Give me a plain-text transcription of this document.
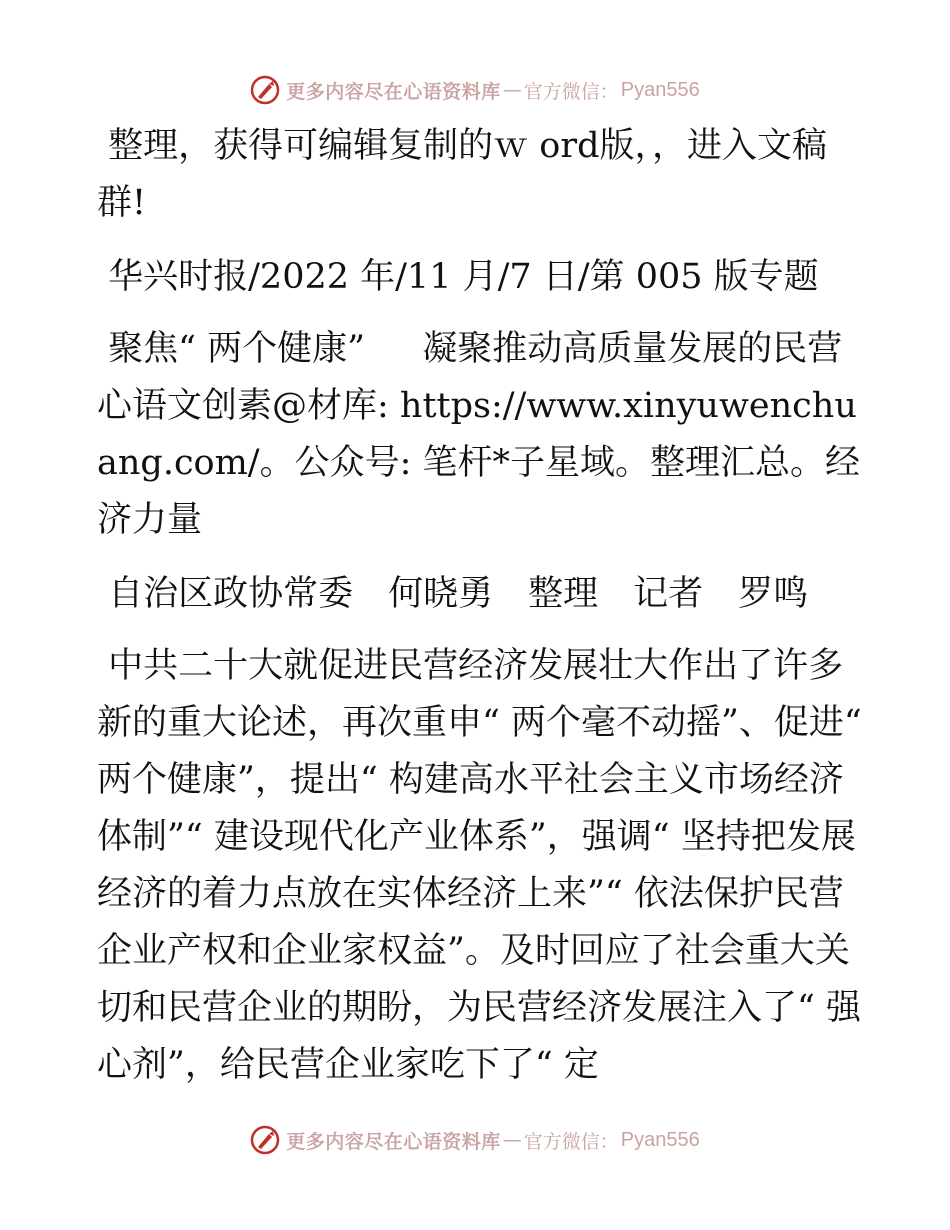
更多内容尽在心语资料库 — 官方微信： Pyan556

整理，获得可编辑复制的ｗ ord版，，进入文稿群!

华兴时报/2022 年/11 月/7 日/第 005 版专题

聚焦“ 两个健康”  　凝聚推动高质量发展的民营心语文创素@材库: https://www.xinyuwenchuang.com/。公众号: 笔杆*子星域。整理汇总。经济力量

自治区政协常委　何晓勇　整理　记者　罗鸣

中共二十大就促进民营经济发展壮大作出了许多新的重大论述，再次重申“ 两个毫不动摇”、促进“ 两个健康”，提出“ 构建高水平社会主义市场经济体制”“ 建设现代化产业体系”，强调“ 坚持把发展经济的着力点放在实体经济上来”“ 依法保护民营企业产权和企业家权益”。及时回应了社会重大关切和民营企业的期盼，为民营经济发展注入了“ 强心剂”，给民营企业家吃下了“ 定

更多内容尽在心语资料库 — 官方微信： Pyan556
